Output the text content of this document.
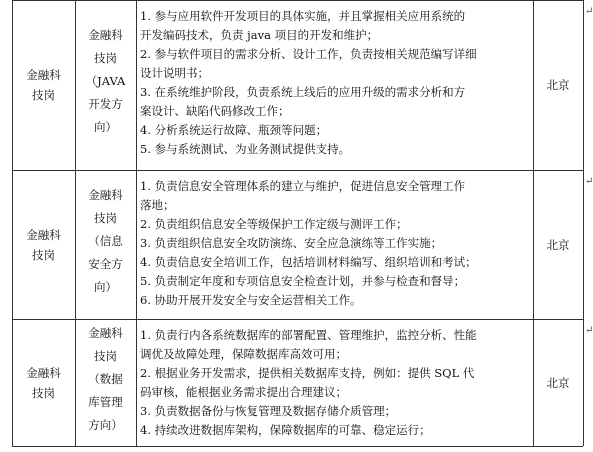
金融科
技岗
金融科
技岗
（JAVA
开发方
向）
1. 参与应用软件开发项目的具体实施，并且掌握相关应用系统的
开发编码技术，负责 java 项目的开发和维护；
2. 参与软件项目的需求分析、设计工作，负责按相关规范编写详细
设计说明书；
3. 在系统维护阶段，负责系统上线后的应用升级的需求分析和方
案设计、缺陷代码修改工作；
4. 分析系统运行故障、瓶颈等问题；
5. 参与系统测试、为业务测试提供支持。
北京
↵
金融科
技岗
金融科
技岗
（信息
安全方
向）
1. 负责信息安全管理体系的建立与维护，促进信息安全管理工作
落地；
2. 负责组织信息安全等级保护工作定级与测评工作；
3. 负责组织信息安全攻防演练、安全应急演练等工作实施；
4. 负责信息安全培训工作，包括培训材料编写、组织培训和考试；
5. 负责制定年度和专项信息安全检查计划，并参与检查和督导；
6. 协助开展开发安全与安全运营相关工作。
北京
↵
金融科
技岗
金融科
技岗
（数据
库管理
方向）
1. 负责行内各系统数据库的部署配置、管理维护，监控分析、性能
调优及故障处理，保障数据库高效可用；
2. 根据业务开发需求，提供相关数据库支持，例如：提供 SQL 代
码审核，能根据业务需求提出合理建议；
3. 负责数据备份与恢复管理及数据存储介质管理；
4. 持续改进数据库架构，保障数据库的可靠、稳定运行；
北京
↵
